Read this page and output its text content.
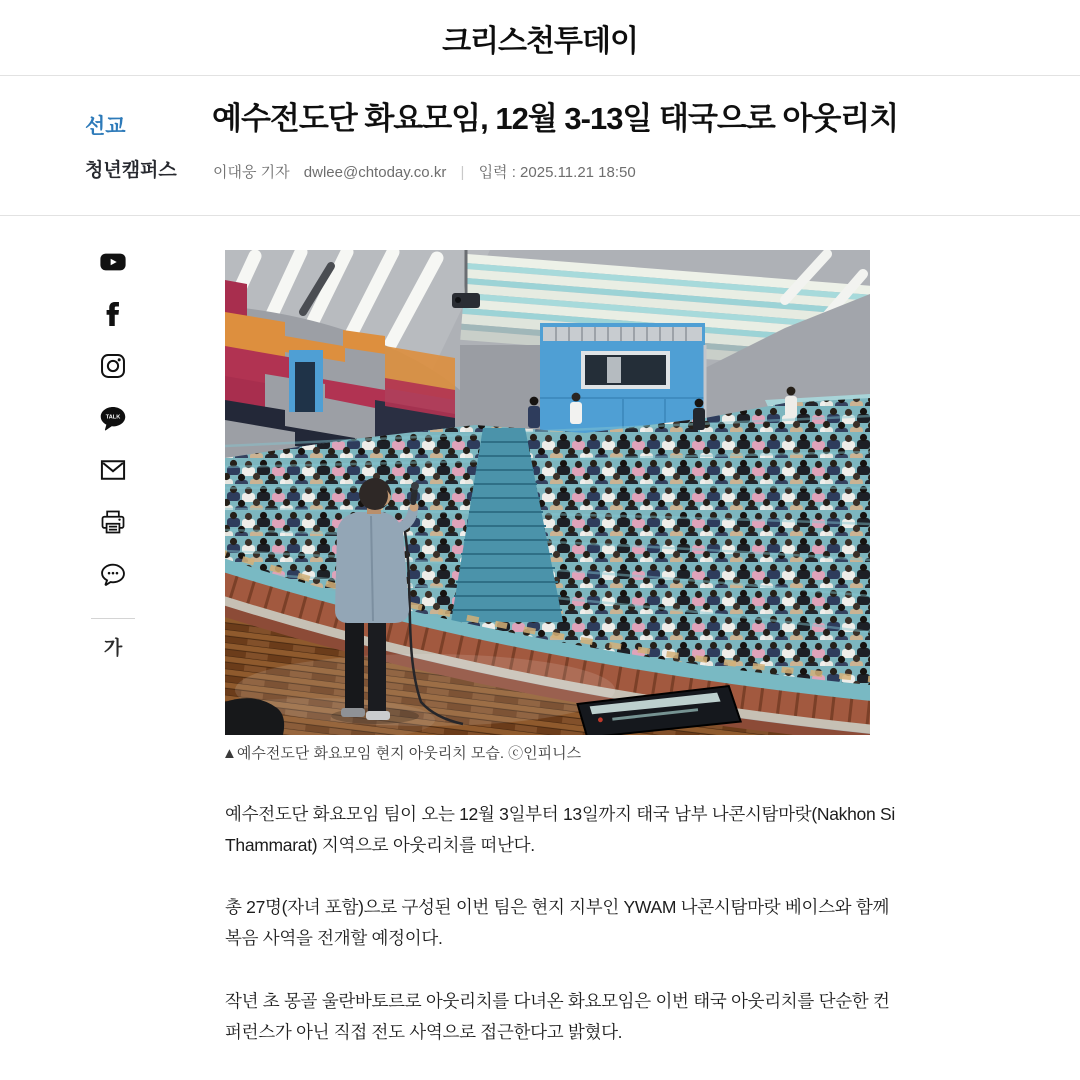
크리스천투데이
선교
청년캠퍼스
예수전도단 화요모임, 12월 3-13일 태국으로 아웃리치
이대웅 기자 dwlee@chtoday.co.kr | 입력 : 2025.11.21 18:50
TALK
가
▲예수전도단 화요모임 현지 아웃리치 모습. ⓒ인피니스

예수전도단 화요모임 팀이 오는 12월 3일부터 13일까지 태국 남부 나콘시탐마랏(Nakhon Si Thammarat) 지역으로 아웃리치를 떠난다.

총 27명(자녀 포함)으로 구성된 이번 팀은 현지 지부인 YWAM 나콘시탐마랏 베이스와 함께 복음 사역을 전개할 예정이다.

작년 초 몽골 울란바토르로 아웃리치를 다녀온 화요모임은 이번 태국 아웃리치를 단순한 컨퍼런스가 아닌 직접 전도 사역으로 접근한다고 밝혔다.
